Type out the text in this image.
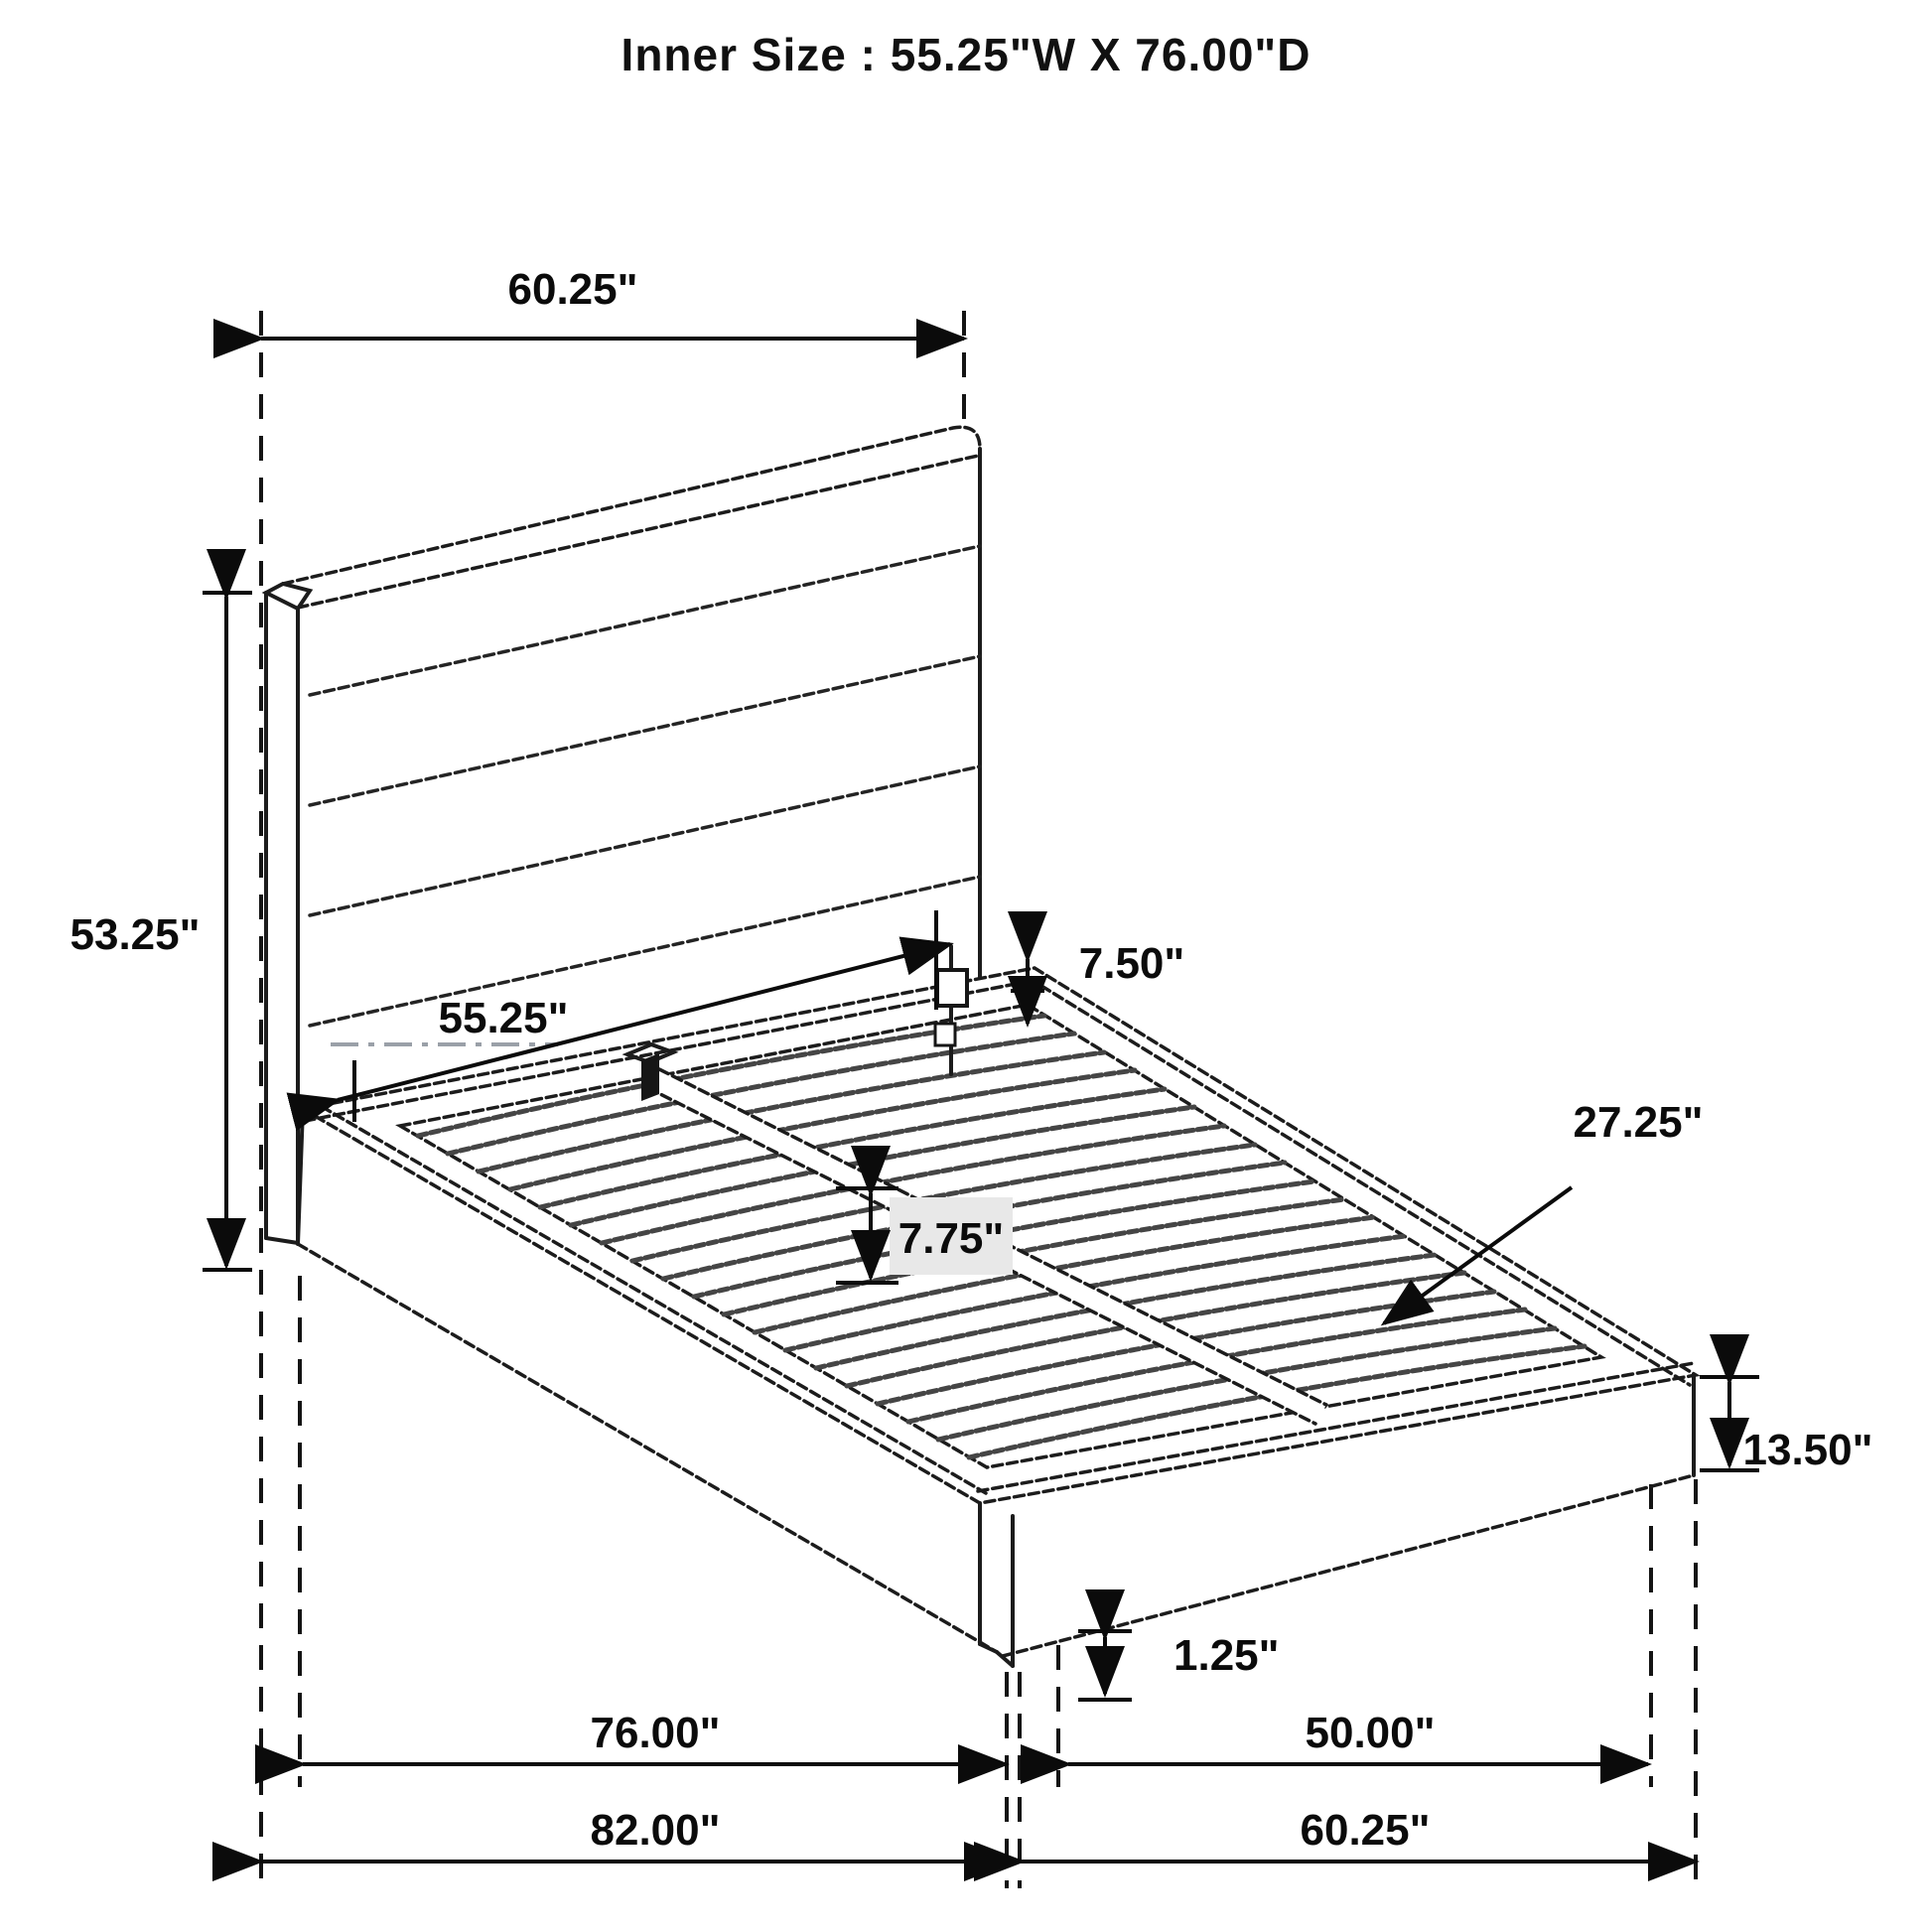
Inner Size : 55.25"W X 76.00"D
60.25"
53.25"
55.25"
7.50"
7.75"
27.25"
13.50"
1.25"
76.00"	50.00"
82.00"	60.25"
